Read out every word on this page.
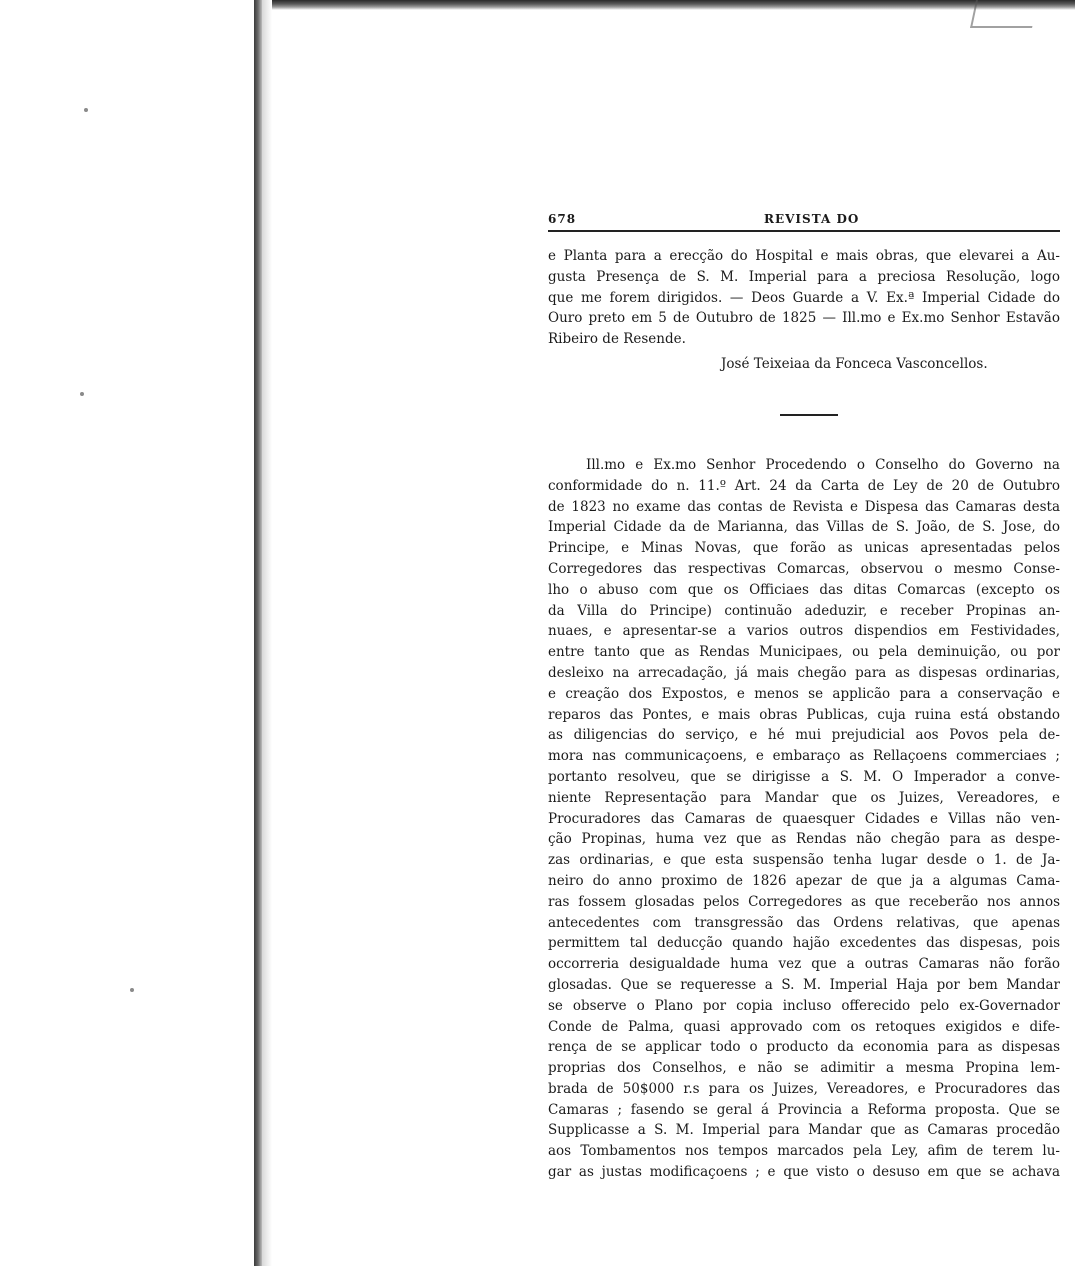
678	REVISTA DO
e Planta para a erecção do Hospital e mais obras, que elevarei a Au-
gusta Presença de S. M. Imperial para a preciosa Resolução, logo
que me forem dirigidos. — Deos Guarde a V. Ex.ª Imperial Cidade do
Ouro preto em 5 de Outubro de 1825 — Ill.mo e Ex.mo Senhor Estavão
Ribeiro de Resende.
José Teixeiaa da Fonceca Vasconcellos.
Ill.mo e Ex.mo Senhor Procedendo o Conselho do Governo na
conformidade do n. 11.º Art. 24 da Carta de Ley de 20 de Outubro
de 1823 no exame das contas de Revista e Dispesa das Camaras desta
Imperial Cidade da de Marianna, das Villas de S. João, de S. Jose, do
Principe, e Minas Novas, que forão as unicas apresentadas pelos
Corregedores das respectivas Comarcas, observou o mesmo Conse-
lho o abuso com que os Officiaes das ditas Comarcas (excepto os
da Villa do Principe) continuão adeduzir, e receber Propinas an-
nuaes, e apresentar-se a varios outros dispendios em Festividades,
entre tanto que as Rendas Municipaes, ou pela deminuição, ou por
desleixo na arrecadação, já mais chegão para as dispesas ordinarias,
e creação dos Expostos, e menos se applicão para a conservação e
reparos das Pontes, e mais obras Publicas, cuja ruina está obstando
as diligencias do serviço, e hé mui prejudicial aos Povos pela de-
mora nas communicaçoens, e embaraço as Rellaçoens commerciaes ;
portanto resolveu, que se dirigisse a S. M. O Imperador a conve-
niente Representação para Mandar que os Juizes, Vereadores, e
Procuradores das Camaras de quaesquer Cidades e Villas não ven-
ção Propinas, huma vez que as Rendas não chegão para as despe-
zas ordinarias, e que esta suspensão tenha lugar desde o 1. de Ja-
neiro do anno proximo de 1826 apezar de que ja a algumas Cama-
ras fossem glosadas pelos Corregedores as que receberão nos annos
antecedentes com transgressão das Ordens relativas, que apenas
permittem tal deducção quando hajão excedentes das dispesas, pois
occorreria desigualdade huma vez que a outras Camaras não forão
glosadas. Que se requeresse a S. M. Imperial Haja por bem Mandar
se observe o Plano por copia incluso offerecido pelo ex-Governador
Conde de Palma, quasi approvado com os retoques exigidos e dife-
rença de se applicar todo o producto da economia para as dispesas
proprias dos Conselhos, e não se adimitir a mesma Propina lem-
brada de 50$000 r.s para os Juizes, Vereadores, e Procuradores das
Camaras ; fasendo se geral á Provincia a Reforma proposta. Que se
Supplicasse a S. M. Imperial para Mandar que as Camaras procedão
aos Tombamentos nos tempos marcados pela Ley, afim de terem lu-
gar as justas modificaçoens ; e que visto o desuso em que se achava
